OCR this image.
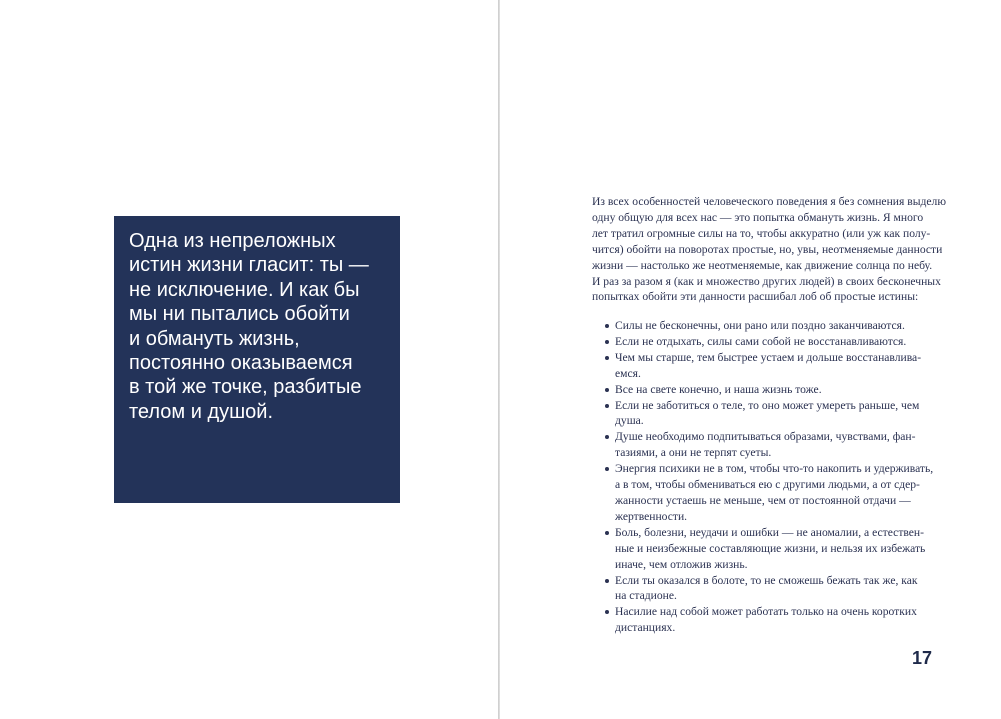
Одна из непреложных
истин жизни гласит: ты —
не исключение. И как бы
мы ни пытались обойти
и обмануть жизнь,
постоянно оказываемся
в той же точке, разбитые
телом и душой.

Из всех особенностей человеческого поведения я без сомнения выделю
одну общую для всех нас — это попытка обмануть жизнь. Я много
лет тратил огромные силы на то, чтобы аккуратно (или уж как полу-
чится) обойти на поворотах простые, но, увы, неотменяемые данности
жизни — настолько же неотменяемые, как движение солнца по небу.
И раз за разом я (как и множество других людей) в своих бесконечных
попытках обойти эти данности расшибал лоб об простые истины:

Силы не бесконечны, они рано или поздно заканчиваются.
Если не отдыхать, силы сами собой не восстанавливаются.
Чем мы старше, тем быстрее устаем и дольше восстанавлива-
емся.
Все на свете конечно, и наша жизнь тоже.
Если не заботиться о теле, то оно может умереть раньше, чем
душа.
Душе необходимо подпитываться образами, чувствами, фан-
тазиями, а они не терпят суеты.
Энергия психики не в том, чтобы что-то накопить и удерживать,
а в том, чтобы обмениваться ею с другими людьми, а от сдер-
жанности устаешь не меньше, чем от постоянной отдачи —
жертвенности.
Боль, болезни, неудачи и ошибки — не аномалии, а естествен-
ные и неизбежные составляющие жизни, и нельзя их избежать
иначе, чем отложив жизнь.
Если ты оказался в болоте, то не сможешь бежать так же, как
на стадионе.
Насилие над собой может работать только на очень коротких
дистанциях.
17
